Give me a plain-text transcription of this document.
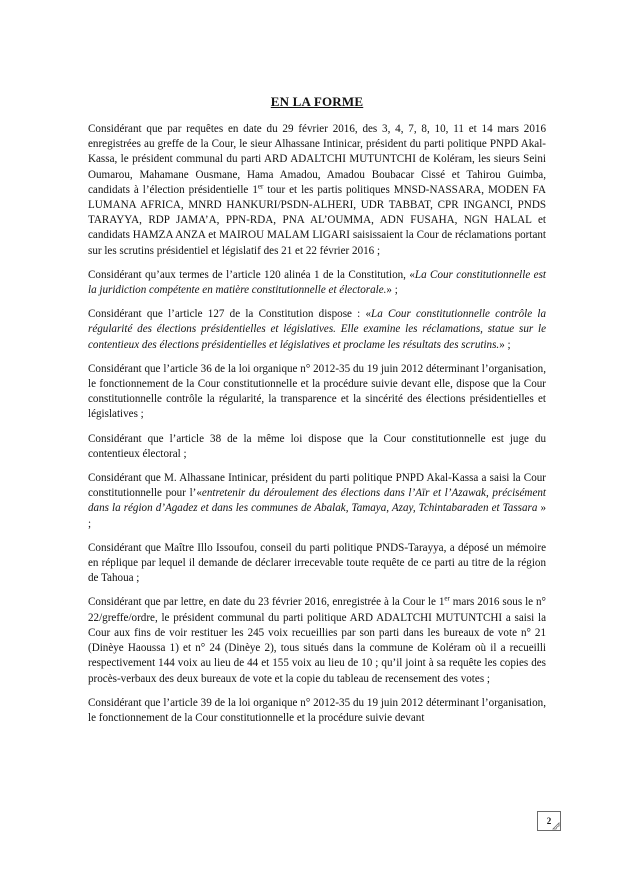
EN LA FORME

Considérant que par requêtes en date du 29 février 2016, des 3, 4, 7, 8, 10, 11 et 14 mars 2016 enregistrées au greffe de la Cour, le sieur Alhassane Intinicar, président du parti politique PNPD Akal-Kassa, le président communal du parti ARD ADALTCHI MUTUNTCHI de Koléram, les sieurs Seini Oumarou, Mahamane Ousmane, Hama Amadou, Amadou Boubacar Cissé et Tahirou Guimba, candidats à l’élection présidentielle 1er tour et les partis politiques MNSD-NASSARA, MODEN FA LUMANA AFRICA, MNRD HANKURI/PSDN-ALHERI, UDR TABBAT, CPR INGANCI, PNDS TARAYYA, RDP JAMA’A, PPN-RDA, PNA AL’OUMMA, ADN FUSAHA, NGN HALAL et candidats HAMZA ANZA et MAIROU MALAM LIGARI saisissaient la Cour de réclamations portant sur les scrutins présidentiel et législatif des 21 et 22 février 2016 ;

Considérant qu’aux termes de l’article 120 alinéa 1 de la Constitution, «La Cour constitutionnelle est la juridiction compétente en matière constitutionnelle et électorale.» ;

Considérant que l’article 127 de la Constitution dispose : «La Cour constitutionnelle contrôle la régularité des élections présidentielles et législatives. Elle examine les réclamations, statue sur le contentieux des élections présidentielles et législatives et proclame les résultats des scrutins.» ;

Considérant que l’article 36 de la loi organique n° 2012-35 du 19 juin 2012 déterminant l’organisation, le fonctionnement de la Cour constitutionnelle et la procédure suivie devant elle, dispose que la Cour constitutionnelle contrôle la régularité, la transparence et la sincérité des élections présidentielles et législatives ;

Considérant que l’article 38 de la même loi dispose que la Cour constitutionnelle est juge du contentieux électoral ;

Considérant que M. Alhassane Intinicar, président du parti politique PNPD Akal-Kassa a saisi la Cour constitutionnelle pour l’«entretenir du déroulement des élections dans l’Aïr et l’Azawak, précisément dans la région d’Agadez et dans les communes de Abalak, Tamaya, Azay, Tchintabaraden et Tassara » ;

Considérant que Maître Illo Issoufou, conseil du parti politique PNDS-Tarayya, a déposé un mémoire en réplique par lequel il demande de déclarer irrecevable toute requête de ce parti au titre de la région de Tahoua ;

Considérant que par lettre, en date du 23 février 2016, enregistrée à la Cour le 1er mars 2016 sous le n° 22/greffe/ordre, le président communal du parti politique ARD ADALTCHI MUTUNTCHI a saisi la Cour aux fins de voir restituer les 245 voix recueillies par son parti dans les bureaux de vote n° 21 (Dinèye Haoussa 1) et n° 24 (Dinèye 2), tous situés dans la commune de Koléram où il a recueilli respectivement 144 voix au lieu de 44 et 155 voix au lieu de 10 ; qu’il joint à sa requête les copies des procès-verbaux des deux bureaux de vote et la copie du tableau de recensement des votes ;

Considérant que l’article 39 de la loi organique n° 2012-35 du 19 juin 2012 déterminant l’organisation, le fonctionnement de la Cour constitutionnelle et la procédure suivie devant

2
